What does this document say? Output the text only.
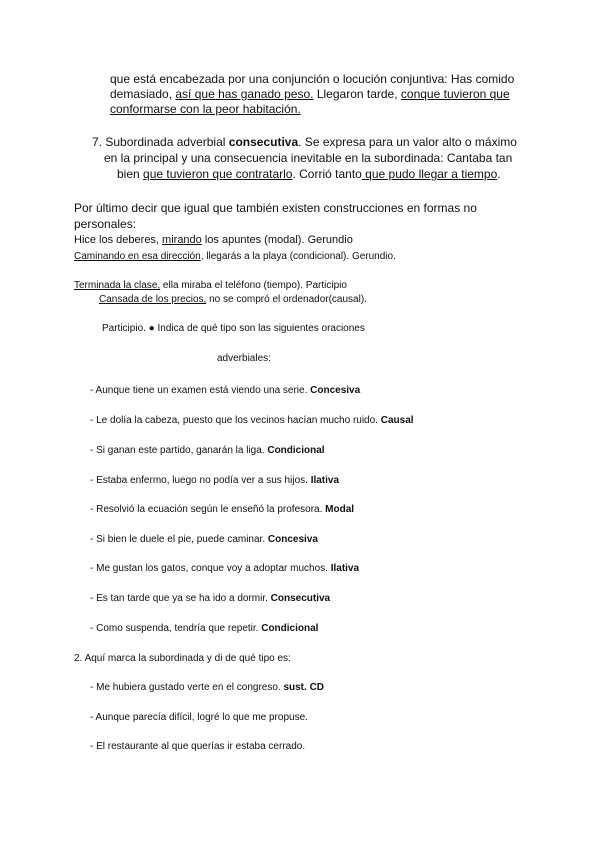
que está encabezada por una conjunción o locución conjuntiva: Has comido
demasiado, así que has ganado peso. Llegaron tarde, conque tuvieron que
conformarse con la peor habitación.
7. Subordinada adverbial consecutiva. Se expresa para un valor alto o máximo
en la principal y una consecuencia inevitable en la subordinada: Cantaba tan
bien que tuvieron que contratarlo. Corrió tanto que pudo llegar a tiempo.
Por último decir que igual que también existen construcciones en formas no
personales:
Hice los deberes, mirando los apuntes (modal). Gerundio
Caminando en esa dirección, llegarás a la playa (condicional). Gerundio.
Terminada la clase, ella miraba el teléfono (tiempo). Participio
Cansada de los precios, no se compró el ordenador(causal).
Participio. ● Indica de qué tipo son las siguientes oraciones
adverbiales:
- Aunque tiene un examen está viendo una serie. Concesiva
- Le dolía la cabeza, puesto que los vecinos hacían mucho ruido. Causal
- Si ganan este partido, ganarán la liga. Condicional
- Estaba enfermo, luego no podía ver a sus hijos. Ilativa
- Resolvió la ecuación según le enseñó la profesora. Modal
- Si bien le duele el pie, puede caminar. Concesiva
- Me gustan los gatos, conque voy a adoptar muchos. Ilativa
- Es tan tarde que ya se ha ido a dormir. Consecutiva
- Como suspenda, tendría que repetir. Condicional
2. Aquí marca la subordinada y di de qué tipo es:
- Me hubiera gustado verte en el congreso. sust. CD
- Aunque parecía difícil, logré lo que me propuse.
- El restaurante al que querías ir estaba cerrado.
